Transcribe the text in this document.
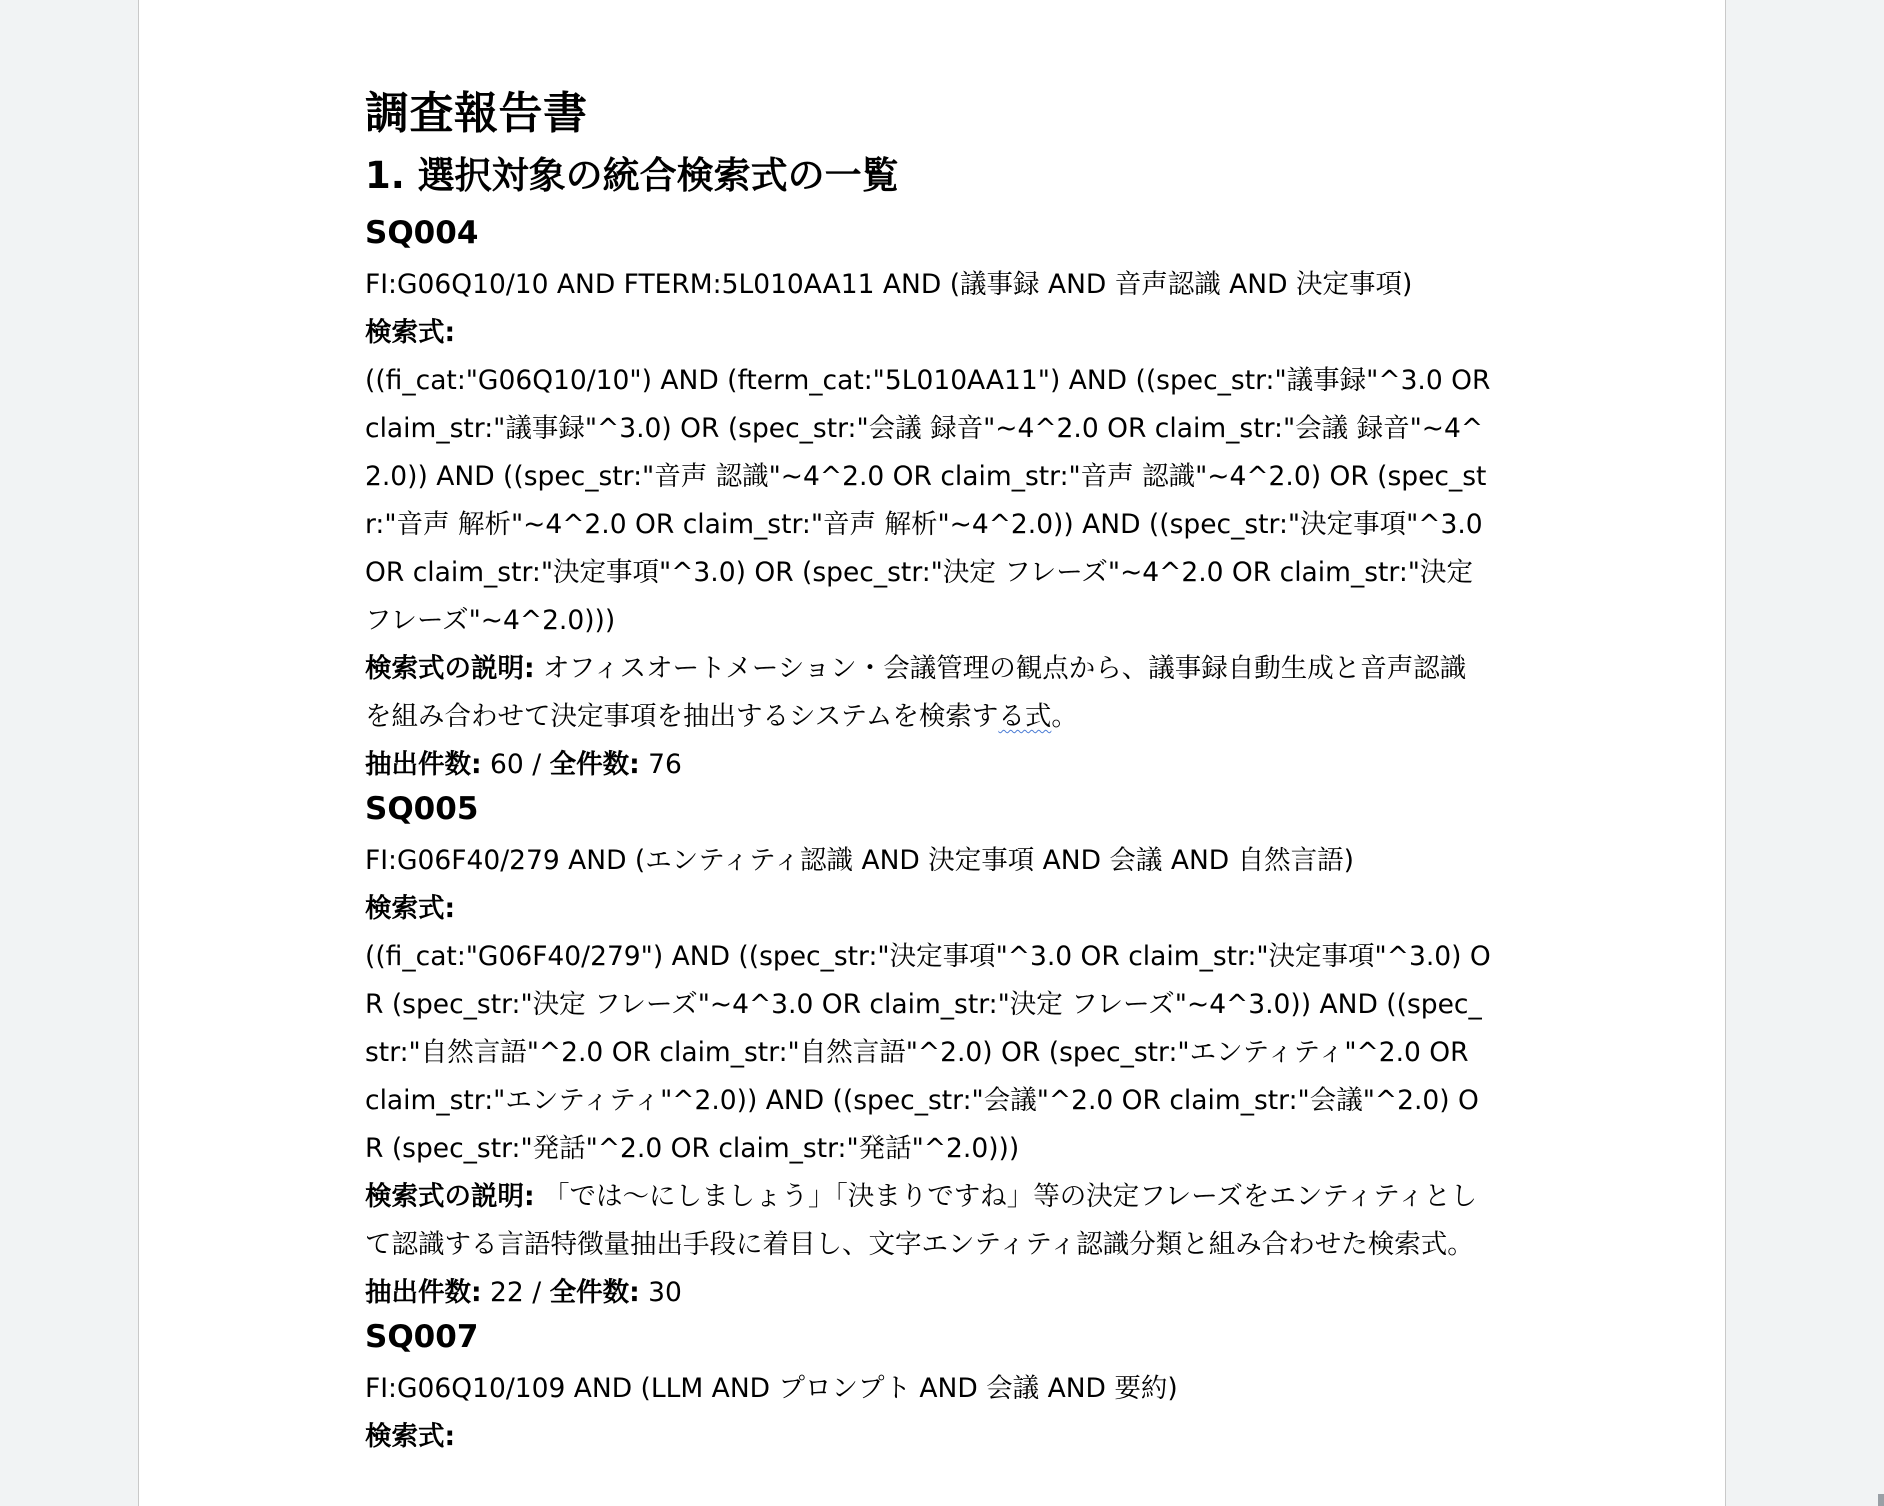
調査報告書
1. 選択対象の統合検索式の一覧
SQ004

FI:G06Q10/10 AND FTERM:5L010AA11 AND (議事録 AND 音声認識 AND 決定事項)

検索式:

((fi_cat:"G06Q10/10") AND (fterm_cat:"5L010AA11") AND ((spec_str:"議事録"^3.0 OR claim_str:"議事録"^3.0) OR (spec_str:"会議 録音"~4^2.0 OR claim_str:"会議 録音"~4^2.0)) AND ((spec_str:"音声 認識"~4^2.0 OR claim_str:"音声 認識"~4^2.0) OR (spec_str:"音声 解析"~4^2.0 OR claim_str:"音声 解析"~4^2.0)) AND ((spec_str:"決定事項"^3.0 OR claim_str:"決定事項"^3.0) OR (spec_str:"決定 フレーズ"~4^2.0 OR claim_str:"決定 フレーズ"~4^2.0)))

検索式の説明: オフィスオートメーション・会議管理の観点から、議事録自動生成と音声認識を組み合わせて決定事項を抽出するシステムを検索する式。

抽出件数: 60 / 全件数: 76

SQ005

FI:G06F40/279 AND (エンティティ認識 AND 決定事項 AND 会議 AND 自然言語)

検索式:

((fi_cat:"G06F40/279") AND ((spec_str:"決定事項"^3.0 OR claim_str:"決定事項"^3.0) OR (spec_str:"決定 フレーズ"~4^3.0 OR claim_str:"決定 フレーズ"~4^3.0)) AND ((spec_str:"自然言語"^2.0 OR claim_str:"自然言語"^2.0) OR (spec_str:"エンティティ"^2.0 OR claim_str:"エンティティ"^2.0)) AND ((spec_str:"会議"^2.0 OR claim_str:"会議"^2.0) OR (spec_str:"発話"^2.0 OR claim_str:"発話"^2.0)))

検索式の説明: 「では〜にしましょう」「決まりですね」等の決定フレーズをエンティティとして認識する言語特徴量抽出手段に着目し、文字エンティティ認識分類と組み合わせた検索式。

抽出件数: 22 / 全件数: 30

SQ007

FI:G06Q10/109 AND (LLM AND プロンプト AND 会議 AND 要約)

検索式:
